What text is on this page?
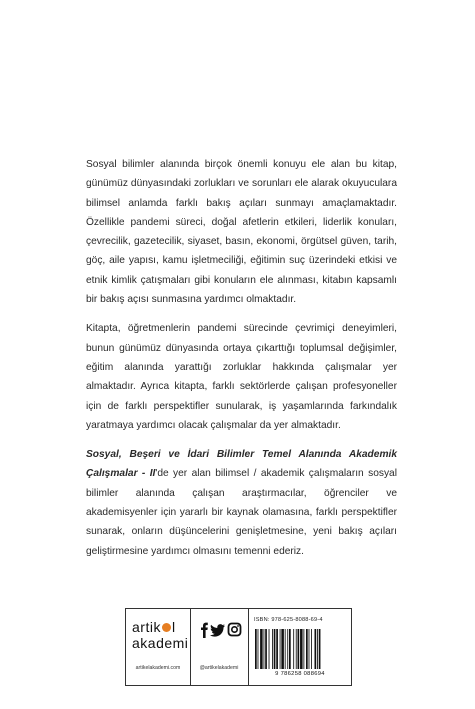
Sosyal bilimler alanında birçok önemli konuyu ele alan bu kitap, günümüz dünyasındaki zorlukları ve sorunları ele alarak okuyuculara bilimsel anlamda farklı bakış açıları sunmayı amaçlamaktadır. Özellikle pandemi süreci, doğal afetlerin etkileri, liderlik konuları, çevrecilik, gazetecilik, siyaset, basın, ekonomi, örgütsel güven, tarih, göç, aile yapısı, kamu işletmeciliği, eğitimin suç üzerindeki etkisi ve etnik kimlik çatışmaları gibi konuların ele alınması, kitabın kapsamlı bir bakış açısı sunmasına yardımcı olmaktadır.

Kitapta, öğretmenlerin pandemi sürecinde çevrimiçi deneyimleri, bunun günümüz dünyasında ortaya çıkarttığı toplumsal değişimler, eğitim alanında yarattığı zorluklar hakkında çalışmalar yer almaktadır. Ayrıca kitapta, farklı sektörlerde çalışan profesyoneller için de farklı perspektifler sunularak, iş yaşamlarında farkındalık yaratmaya yardımcı olacak çalışmalar da yer almaktadır.

Sosyal, Beşeri ve İdari Bilimler Temel Alanında Akademik Çalışmalar - II'de yer alan bilimsel / akademik çalışmaların sosyal bilimler alanında çalışan araştırmacılar, öğrenciler ve akademisyenler için yararlı bir kaynak olamasına, farklı perspektifler sunarak, onların düşüncelerini genişletmesine, yeni bakış açıları geliştirmesine yardımcı olmasını temenni ederiz.

artik l
akademi
artikelakademi.com	@artikelakademi
ISBN: 978-625-8088-69-4
9 786258 088694
